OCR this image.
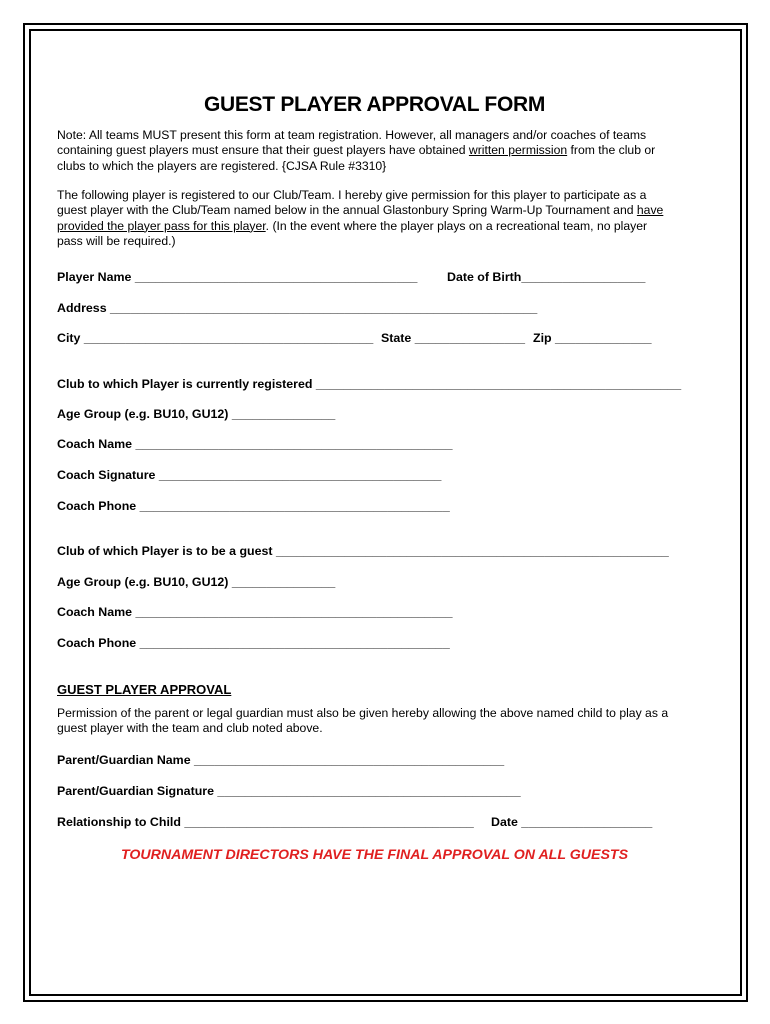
GUEST PLAYER APPROVAL FORM
Note: All teams MUST present this form at team registration. However, all managers and/or coaches of teams containing guest players must ensure that their guest players have obtained written permission from the club or clubs to which the players are registered. {CJSA Rule #3310}
The following player is registered to our Club/Team. I hereby give permission for this player to participate as a guest player with the Club/Team named below in the annual Glastonbury Spring Warm-Up Tournament and have provided the player pass for this player. (In the event where the player plays on a recreational team, no player pass will be required.)
Player Name _________________________________________ Date of Birth__________________
Address ______________________________________________________________
City __________________________________________ State ________________ Zip ______________
Club to which Player is currently registered _____________________________________________________
Age Group (e.g. BU10, GU12) _______________
Coach Name ______________________________________________
Coach Signature _________________________________________
Coach Phone _____________________________________________
Club of which Player is to be a guest _________________________________________________________
Age Group (e.g. BU10, GU12) _______________
Coach Name ______________________________________________
Coach Phone _____________________________________________
GUEST PLAYER APPROVAL
Permission of the parent or legal guardian must also be given hereby allowing the above named child to play as a guest player with the team and club noted above.
Parent/Guardian Name _____________________________________________
Parent/Guardian Signature ____________________________________________
Relationship to Child __________________________________________ Date ___________________
TOURNAMENT DIRECTORS HAVE THE FINAL APPROVAL ON ALL GUESTS
